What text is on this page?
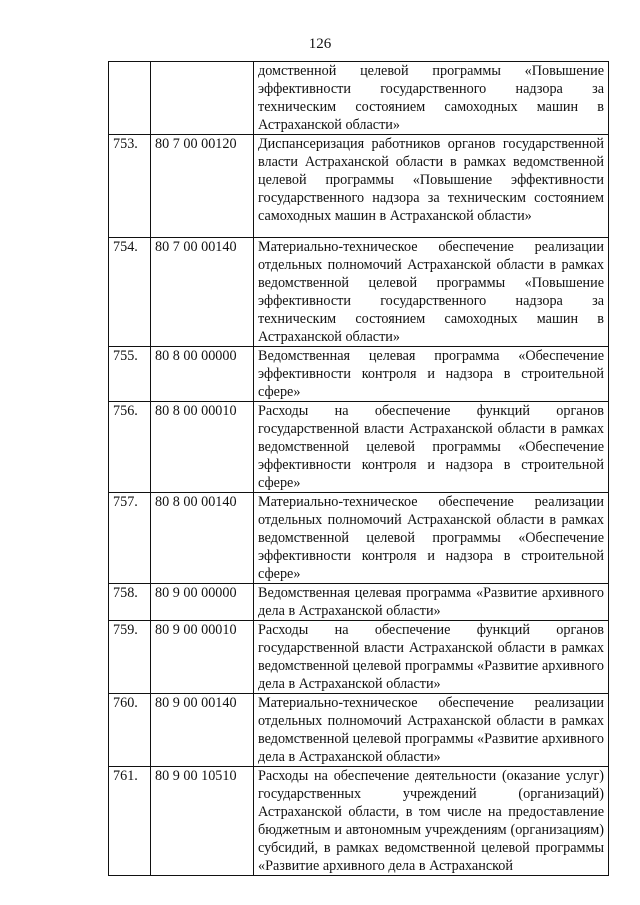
126
		домственной целевой программы «Повышение эффективности государственного надзора за техническим состоянием самоходных машин в Астраханской области»
753.	80 7 00 00120	Диспансеризация работников органов государственной власти Астраханской области в рамках ведомственной целевой программы «Повышение эффективности государственного надзора за техническим состоянием самоходных машин в Астраханской области»
754.	80 7 00 00140	Материально-техническое обеспечение реализации отдельных полномочий Астраханской области в рамках ведомственной целевой программы «Повышение эффективности государственного надзора за техническим состоянием самоходных машин в Астраханской области»
755.	80 8 00 00000	Ведомственная целевая программа «Обеспечение эффективности контроля и надзора в строительной сфере»
756.	80 8 00 00010	Расходы на обеспечение функций органов государственной власти Астраханской области в рамках ведомственной целевой программы «Обеспечение эффективности контроля и надзора в строительной сфере»
757.	80 8 00 00140	Материально-техническое обеспечение реализации отдельных полномочий Астраханской области в рамках ведомственной целевой программы «Обеспечение эффективности контроля и надзора в строительной сфере»
758.	80 9 00 00000	Ведомственная целевая программа «Развитие архивного дела в Астраханской области»
759.	80 9 00 00010	Расходы на обеспечение функций органов государственной власти Астраханской области в рамках ведомственной целевой программы «Развитие архивного дела в Астраханской области»
760.	80 9 00 00140	Материально-техническое обеспечение реализации отдельных полномочий Астраханской области в рамках ведомственной целевой программы «Развитие архивного дела в Астраханской области»
761.	80 9 00 10510	Расходы на обеспечение деятельности (оказание услуг) государственных учреждений (организаций) Астраханской области, в том числе на предоставление бюджетным и автономным учреждениям (организациям) субсидий, в рамках ведомственной целевой программы «Развитие архивного дела в Астраханской
